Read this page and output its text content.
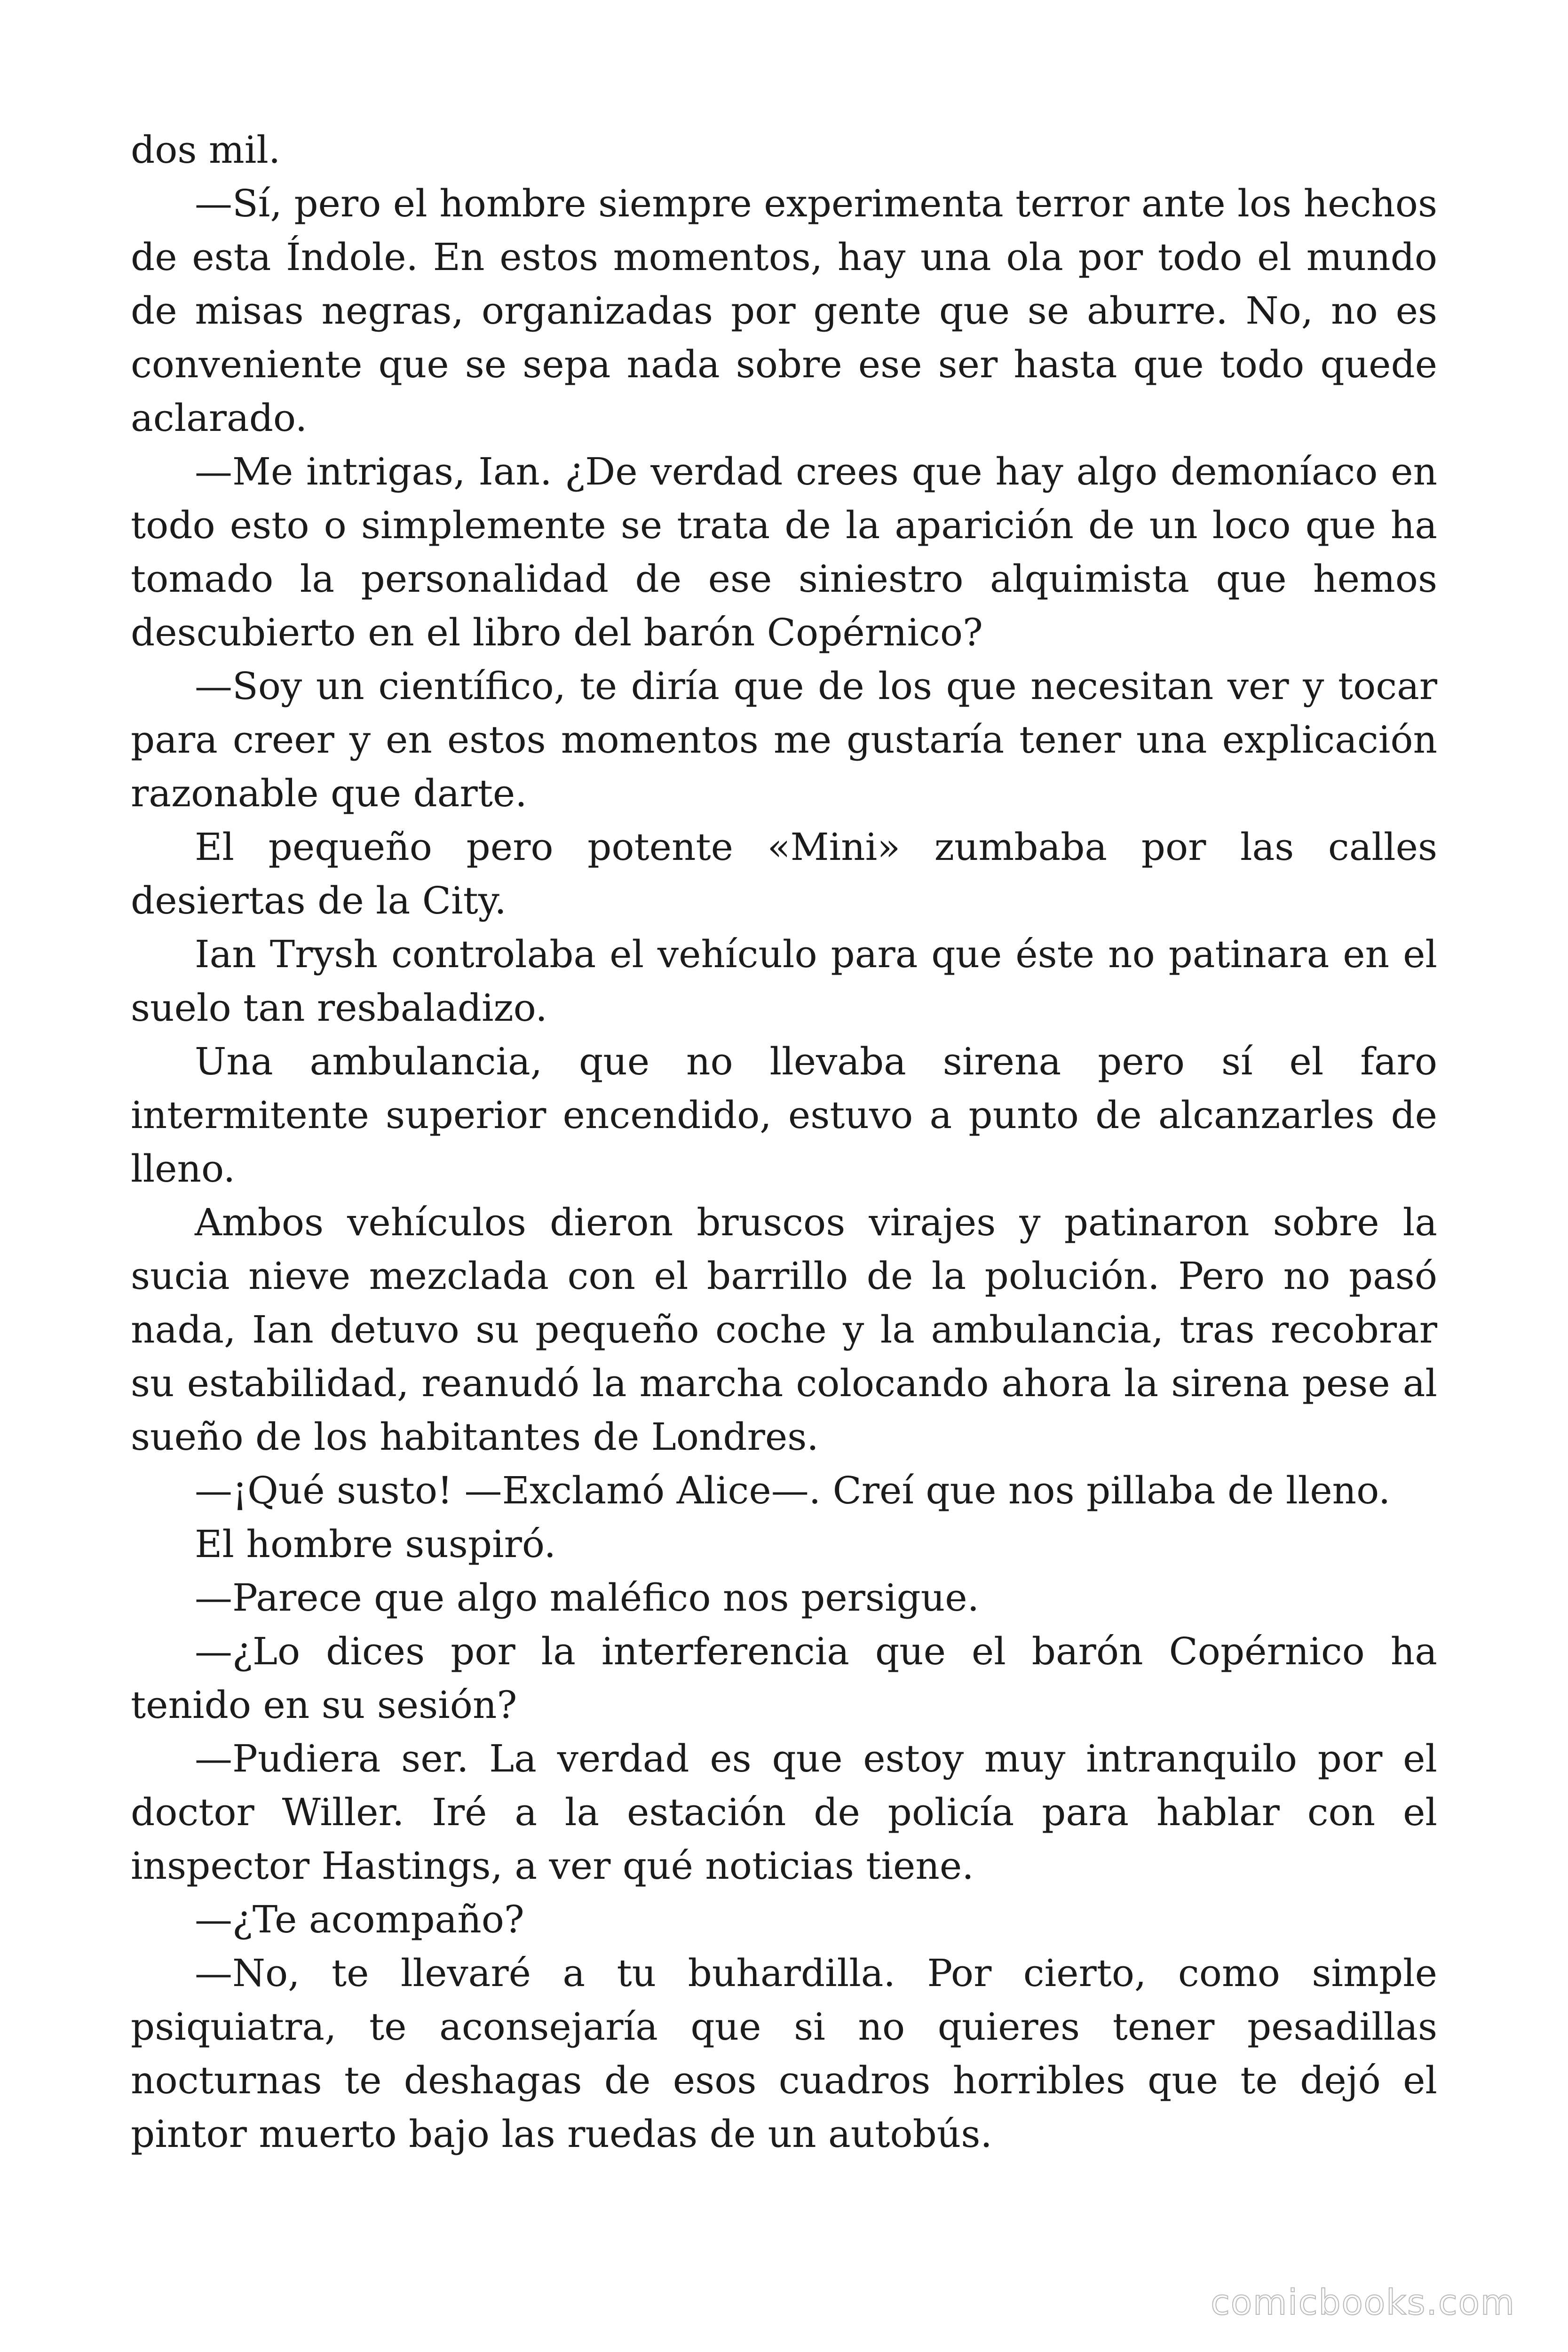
dos mil.

—Sí, pero el hombre siempre experimenta terror ante los hechos de esta Índole. En estos momentos, hay una ola por todo el mundo de misas negras, organizadas por gente que se aburre. No, no es conveniente que se sepa nada sobre ese ser hasta que todo quede aclarado.

—Me intrigas, Ian. ¿De verdad crees que hay algo demoníaco en todo esto o simplemente se trata de la aparición de un loco que ha tomado la personalidad de ese siniestro alquimista que hemos descubierto en el libro del barón Copérnico?

—Soy un científico, te diría que de los que necesitan ver y tocar para creer y en estos momentos me gustaría tener una explicación razonable que darte.

El pequeño pero potente «Mini» zumbaba por las calles desiertas de la City.

Ian Trysh controlaba el vehículo para que éste no patinara en el suelo tan resbaladizo.

Una ambulancia, que no llevaba sirena pero sí el faro intermitente superior encendido, estuvo a punto de alcanzarles de lleno.

Ambos vehículos dieron bruscos virajes y patinaron sobre la sucia nieve mezclada con el barrillo de la polución. Pero no pasó nada, Ian detuvo su pequeño coche y la ambulancia, tras recobrar su estabilidad, reanudó la marcha colocando ahora la sirena pese al sueño de los habitantes de Londres.

—¡Qué susto! —Exclamó Alice—. Creí que nos pillaba de lleno.

El hombre suspiró.

—Parece que algo maléfico nos persigue.

—¿Lo dices por la interferencia que el barón Copérnico ha tenido en su sesión?

—Pudiera ser. La verdad es que estoy muy intranquilo por el doctor Willer. Iré a la estación de policía para hablar con el inspector Hastings, a ver qué noticias tiene.

—¿Te acompaño?

—No, te llevaré a tu buhardilla. Por cierto, como simple psiquiatra, te aconsejaría que si no quieres tener pesadillas nocturnas te deshagas de esos cuadros horribles que te dejó el pintor muerto bajo las ruedas de un autobús.

comicbooks.com
